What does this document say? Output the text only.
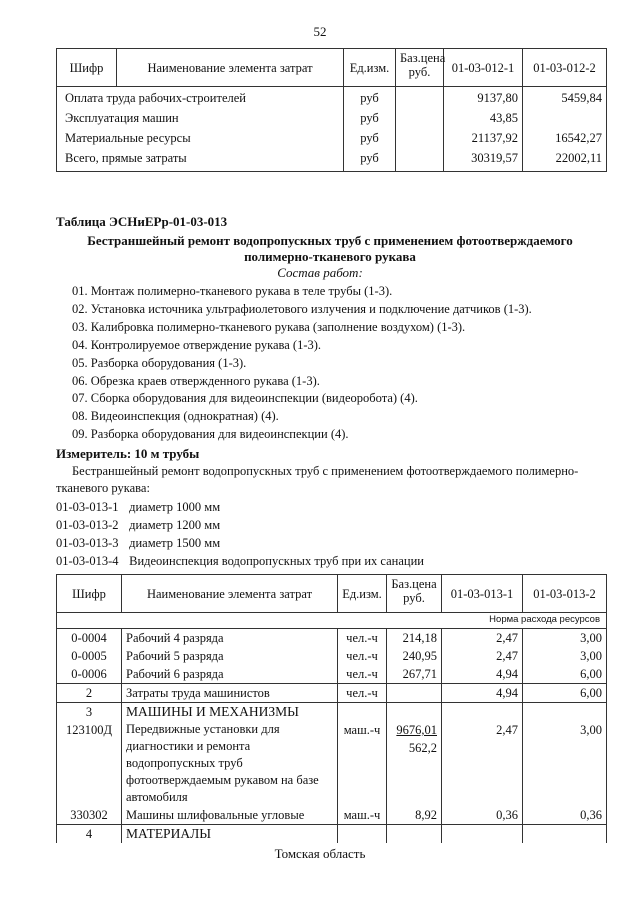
52
Шифр	Наименование элемента затрат	Ед.изм.	Баз.цена
руб.	01-03-012-1	01-03-012-2
Оплата труда рабочих-строителей		руб		9137,80	5459,84
Эксплуатация машин		руб		43,85	
Материальные ресурсы		руб		21137,92	16542,27
Всего, прямые затраты		руб		30319,57	22002,11
Таблица ЭСНиЕРр-01-03-013
Бестраншейный ремонт водопропускных труб с применением фотоотверждаемого
полимерно-тканевого рукава
Состав работ:
01. Монтаж полимерно-тканевого рукава в теле трубы (1-3).
02. Установка источника ультрафиолетового излучения и подключение датчиков (1-3).
03. Калибровка полимерно-тканевого рукава (заполнение воздухом) (1-3).
04. Контролируемое отверждение рукава (1-3).
05. Разборка оборудования (1-3).
06. Обрезка краев отвержденного рукава (1-3).
07. Сборка оборудования для видеоинспекции (видеоробота) (4).
08. Видеоинспекция (однократная) (4).
09. Разборка оборудования для видеоинспекции (4).
Измеритель: 10 м трубы
Бестраншейный ремонт водопропускных труб с применением фотоотверждаемого полимерно-
тканевого рукава:
01-03-013-1 диаметр 1000 мм
01-03-013-2 диаметр 1200 мм
01-03-013-3 диаметр 1500 мм
01-03-013-4 Видеоинспекция водопропускных труб при их санации
Шифр	Наименование элемента затрат	Ед.изм.	Баз.цена
руб.	01-03-013-1	01-03-013-2
Норма расхода ресурсов					
0-0004	Рабочий 4 разряда	чел.-ч	214,18	2,47	3,00
0-0005	Рабочий 5 разряда	чел.-ч	240,95	2,47	3,00
0-0006	Рабочий 6 разряда	чел.-ч	267,71	4,94	6,00
2	Затраты труда машинистов	чел.-ч		4,94	6,00
3	МАШИНЫ И МЕХАНИЗМЫ				
123100Д	Передвижные установки для диагностики и ремонта водопропускных труб фотоотверждаемым рукавом на базе автомобиля	маш.-ч	9676,01
562,2	2,47	3,00
330302	Машины шлифовальные угловые	маш.-ч	8,92	0,36	0,36
4	МАТЕРИАЛЫ				
Томская область
